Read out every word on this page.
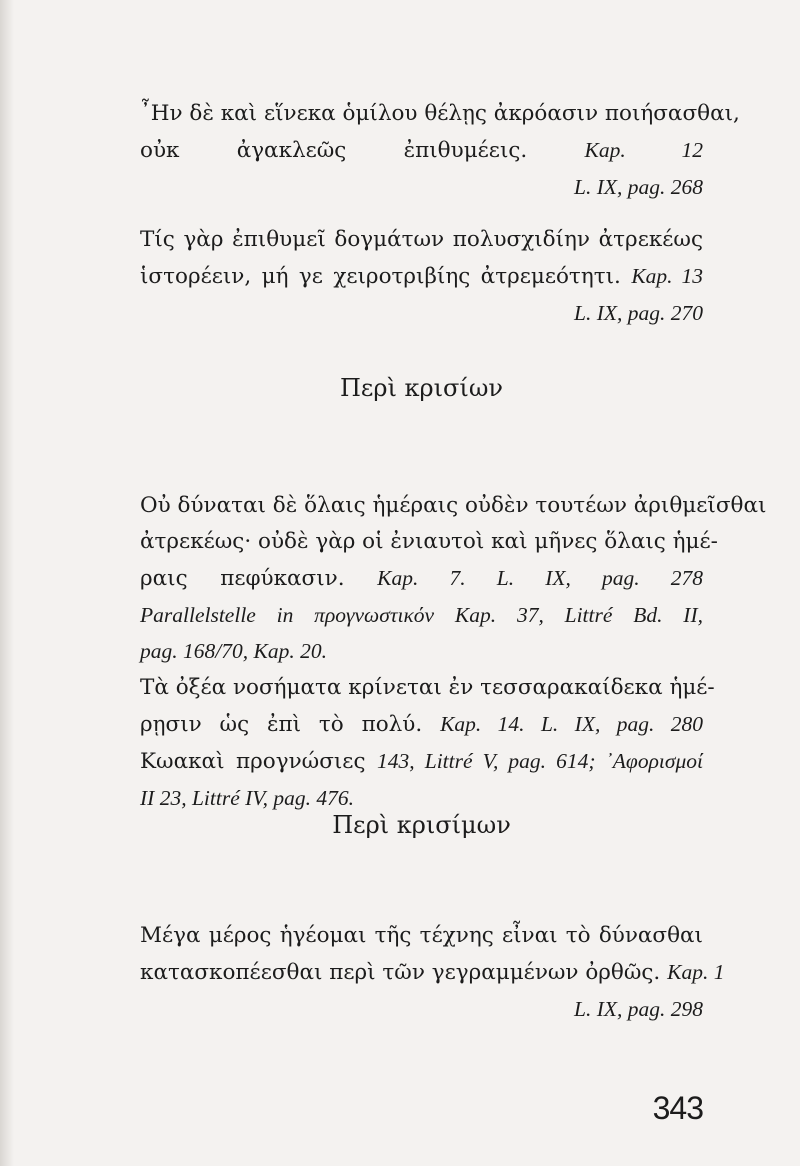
῏Ην δὲ καὶ εἵνεκα ὁμίλου θέλῃς ἀκρόασιν ποιήσασθαι,
οὐκ ἀγακλεῶς ἐπιθυμέεις.	Kap. 12
L. IX, pag. 268
Τίς γὰρ ἐπιθυμεῖ δογμάτων πολυσχιδίην ἀτρεκέως
ἱστορέειν, μή γε χειροτριβίης ἀτρεμεότητι. Kap. 13
L. IX, pag. 270
Περὶ κρισίων
Οὐ δύναται δὲ ὅλαις ἡμέραις οὐδὲν τουτέων ἀριθμεῖσθαι
ἀτρεκέως· οὐδὲ γὰρ οἱ ἐνιαυτοὶ καὶ μῆνες ὅλαις ἡμέ-
ραις πεφύκασιν. Kap. 7. L. IX, pag. 278
Parallelstelle in προγνωστικόν Kap. 37, Littré Bd. II,
pag. 168/70, Kap. 20.
Τὰ ὀξέα νοσήματα κρίνεται ἐν τεσσαρακαίδεκα ἡμέ-
ρῃσιν ὡς ἐπὶ τὸ πολύ. Kap. 14. L. IX, pag. 280
Κωακαὶ προγνώσιες 143, Littré V, pag. 614; ᾿Αφορισμοί
II 23, Littré IV, pag. 476.
Περὶ κρισίμων
Μέγα μέρος ἡγέομαι τῆς τέχνης εἶναι τὸ δύνασθαι
κατασκοπέεσθαι περὶ τῶν γεγραμμένων ὀρθῶς. Kap. 1
L. IX, pag. 298
343
